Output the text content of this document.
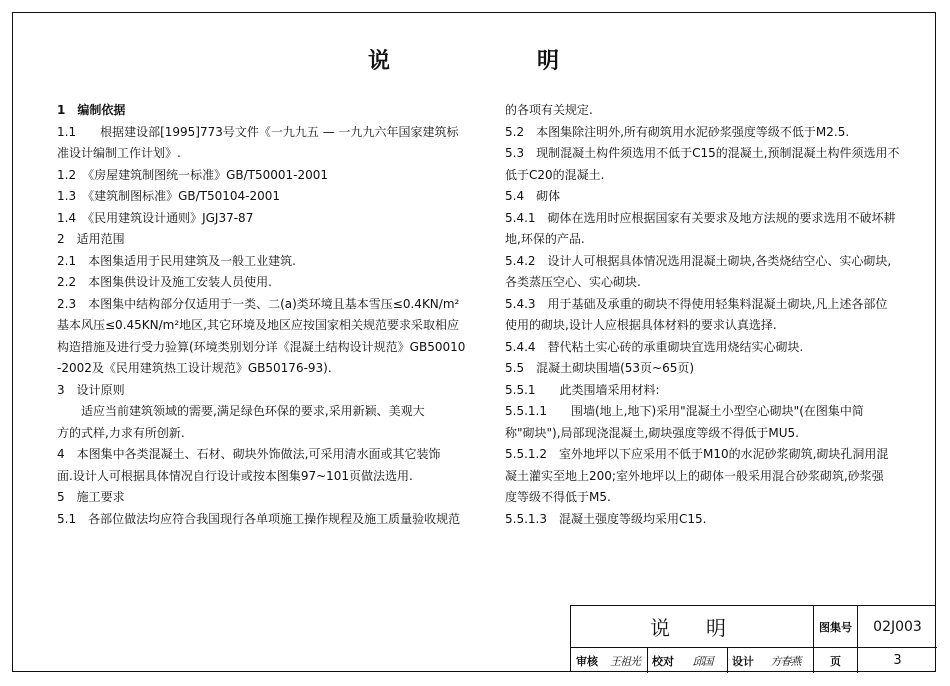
说	明

1　编制依据

1.1　　根据建设部[1995]773号文件《一九九五 — 一九九六年国家建筑标

准设计编制工作计划》.

1.2　《房屋建筑制图统一标准》GB/T50001-2001

1.3　《建筑制图标准》GB/T50104-2001

1.4　《民用建筑设计通则》JGJ37-87

2　适用范围

2.1　本图集适用于民用建筑及一般工业建筑.

2.2　本图集供设计及施工安装人员使用.

2.3　本图集中结构部分仅适用于一类、二(a)类环境且基本雪压≤0.4KN/m²

基本风压≤0.45KN/m²地区,其它环境及地区应按国家相关规范要求采取相应

构造措施及进行受力验算(环境类别划分详《混凝土结构设计规范》GB50010

-2002及《民用建筑热工设计规范》GB50176-93).

3　设计原则

　　适应当前建筑领域的需要,满足绿色环保的要求,采用新颖、美观大

方的式样,力求有所创新.

4　本图集中各类混凝土、石材、砌块外饰做法,可采用清水面或其它装饰

面.设计人可根据具体情况自行设计或按本图集97~101页做法选用.

5　施工要求

5.1　各部位做法均应符合我国现行各单项施工操作规程及施工质量验收规范

的各项有关规定.

5.2　本图集除注明外,所有砌筑用水泥砂浆强度等级不低于M2.5.

5.3　现制混凝土构件须选用不低于C15的混凝土,预制混凝土构件须选用不

低于C20的混凝土.

5.4　砌体

5.4.1　砌体在选用时应根据国家有关要求及地方法规的要求选用不破坏耕

地,环保的产品.

5.4.2　设计人可根据具体情况选用混凝土砌块,各类烧结空心、实心砌块,

各类蒸压空心、实心砌块.

5.4.3　用于基础及承重的砌块不得使用轻集料混凝土砌块,凡上述各部位

使用的砌块,设计人应根据具体材料的要求认真选择.

5.4.4　替代粘土实心砖的承重砌块宜选用烧结实心砌块.

5.5　混凝土砌块围墙(53页~65页)

5.5.1　　此类围墙采用材料:

5.5.1.1　　围墙(地上,地下)采用"混凝土小型空心砌块"(在图集中简

称"砌块"),局部现浇混凝土,砌块强度等级不得低于MU5.

5.5.1.2　室外地坪以下应采用不低于M10的水泥砂浆砌筑,砌块孔洞用混

凝土灌实至地上200;室外地坪以上的砌体一般采用混合砂浆砌筑,砂浆强

度等级不得低于M5.

5.5.1.3　混凝土强度等级均采用C15.

说　明	图集号	02J003
审核	王祖光	校对	邱国	设计	方春燕	页	3
